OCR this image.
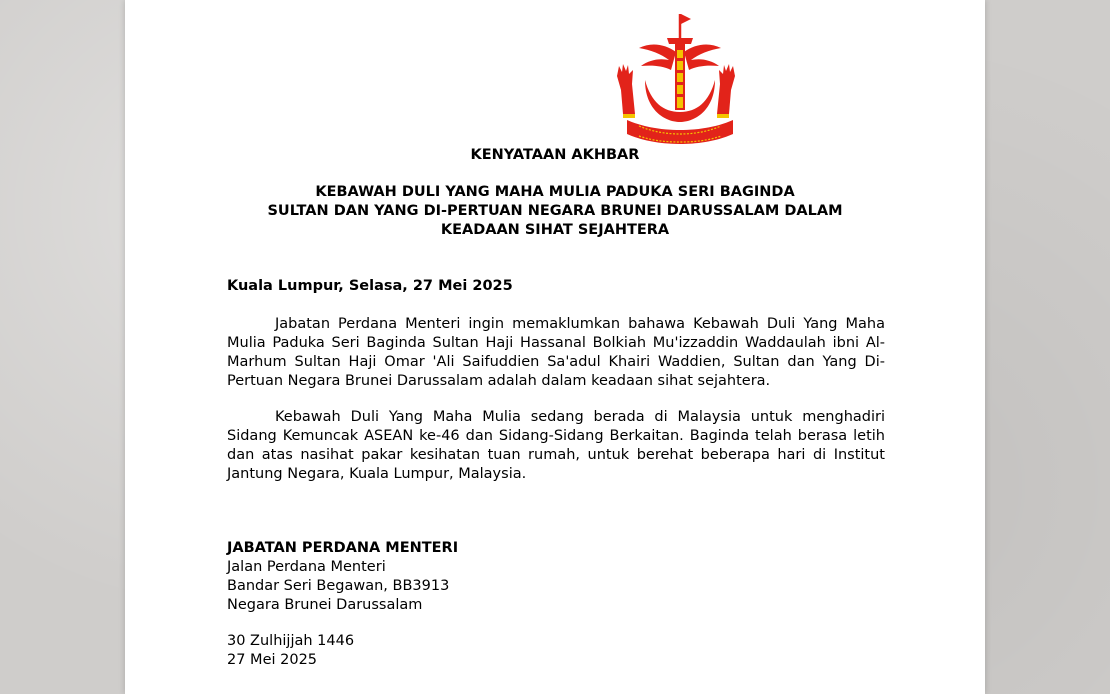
KENYATAAN AKHBAR
KEBAWAH DULI YANG MAHA MULIA PADUKA SERI BAGINDA
SULTAN DAN YANG DI-PERTUAN NEGARA BRUNEI DARUSSALAM DALAM
KEADAAN SIHAT SEJAHTERA
Kuala Lumpur, Selasa, 27 Mei 2025

Jabatan Perdana Menteri ingin memaklumkan bahawa Kebawah Duli Yang Maha Mulia Paduka Seri Baginda Sultan Haji Hassanal Bolkiah Mu'izzaddin Waddaulah ibni Al-Marhum Sultan Haji Omar 'Ali Saifuddien Sa'adul Khairi Waddien, Sultan dan Yang Di-Pertuan Negara Brunei Darussalam adalah dalam keadaan sihat sejahtera.

Kebawah Duli Yang Maha Mulia sedang berada di Malaysia untuk menghadiri Sidang Kemuncak ASEAN ke-46 dan Sidang-Sidang Berkaitan. Baginda telah berasa letih dan atas nasihat pakar kesihatan tuan rumah, untuk berehat beberapa hari di Institut Jantung Negara, Kuala Lumpur, Malaysia.

JABATAN PERDANA MENTERI
Jalan Perdana Menteri
Bandar Seri Begawan, BB3913
Negara Brunei Darussalam
30 Zulhijjah 1446
27 Mei 2025
